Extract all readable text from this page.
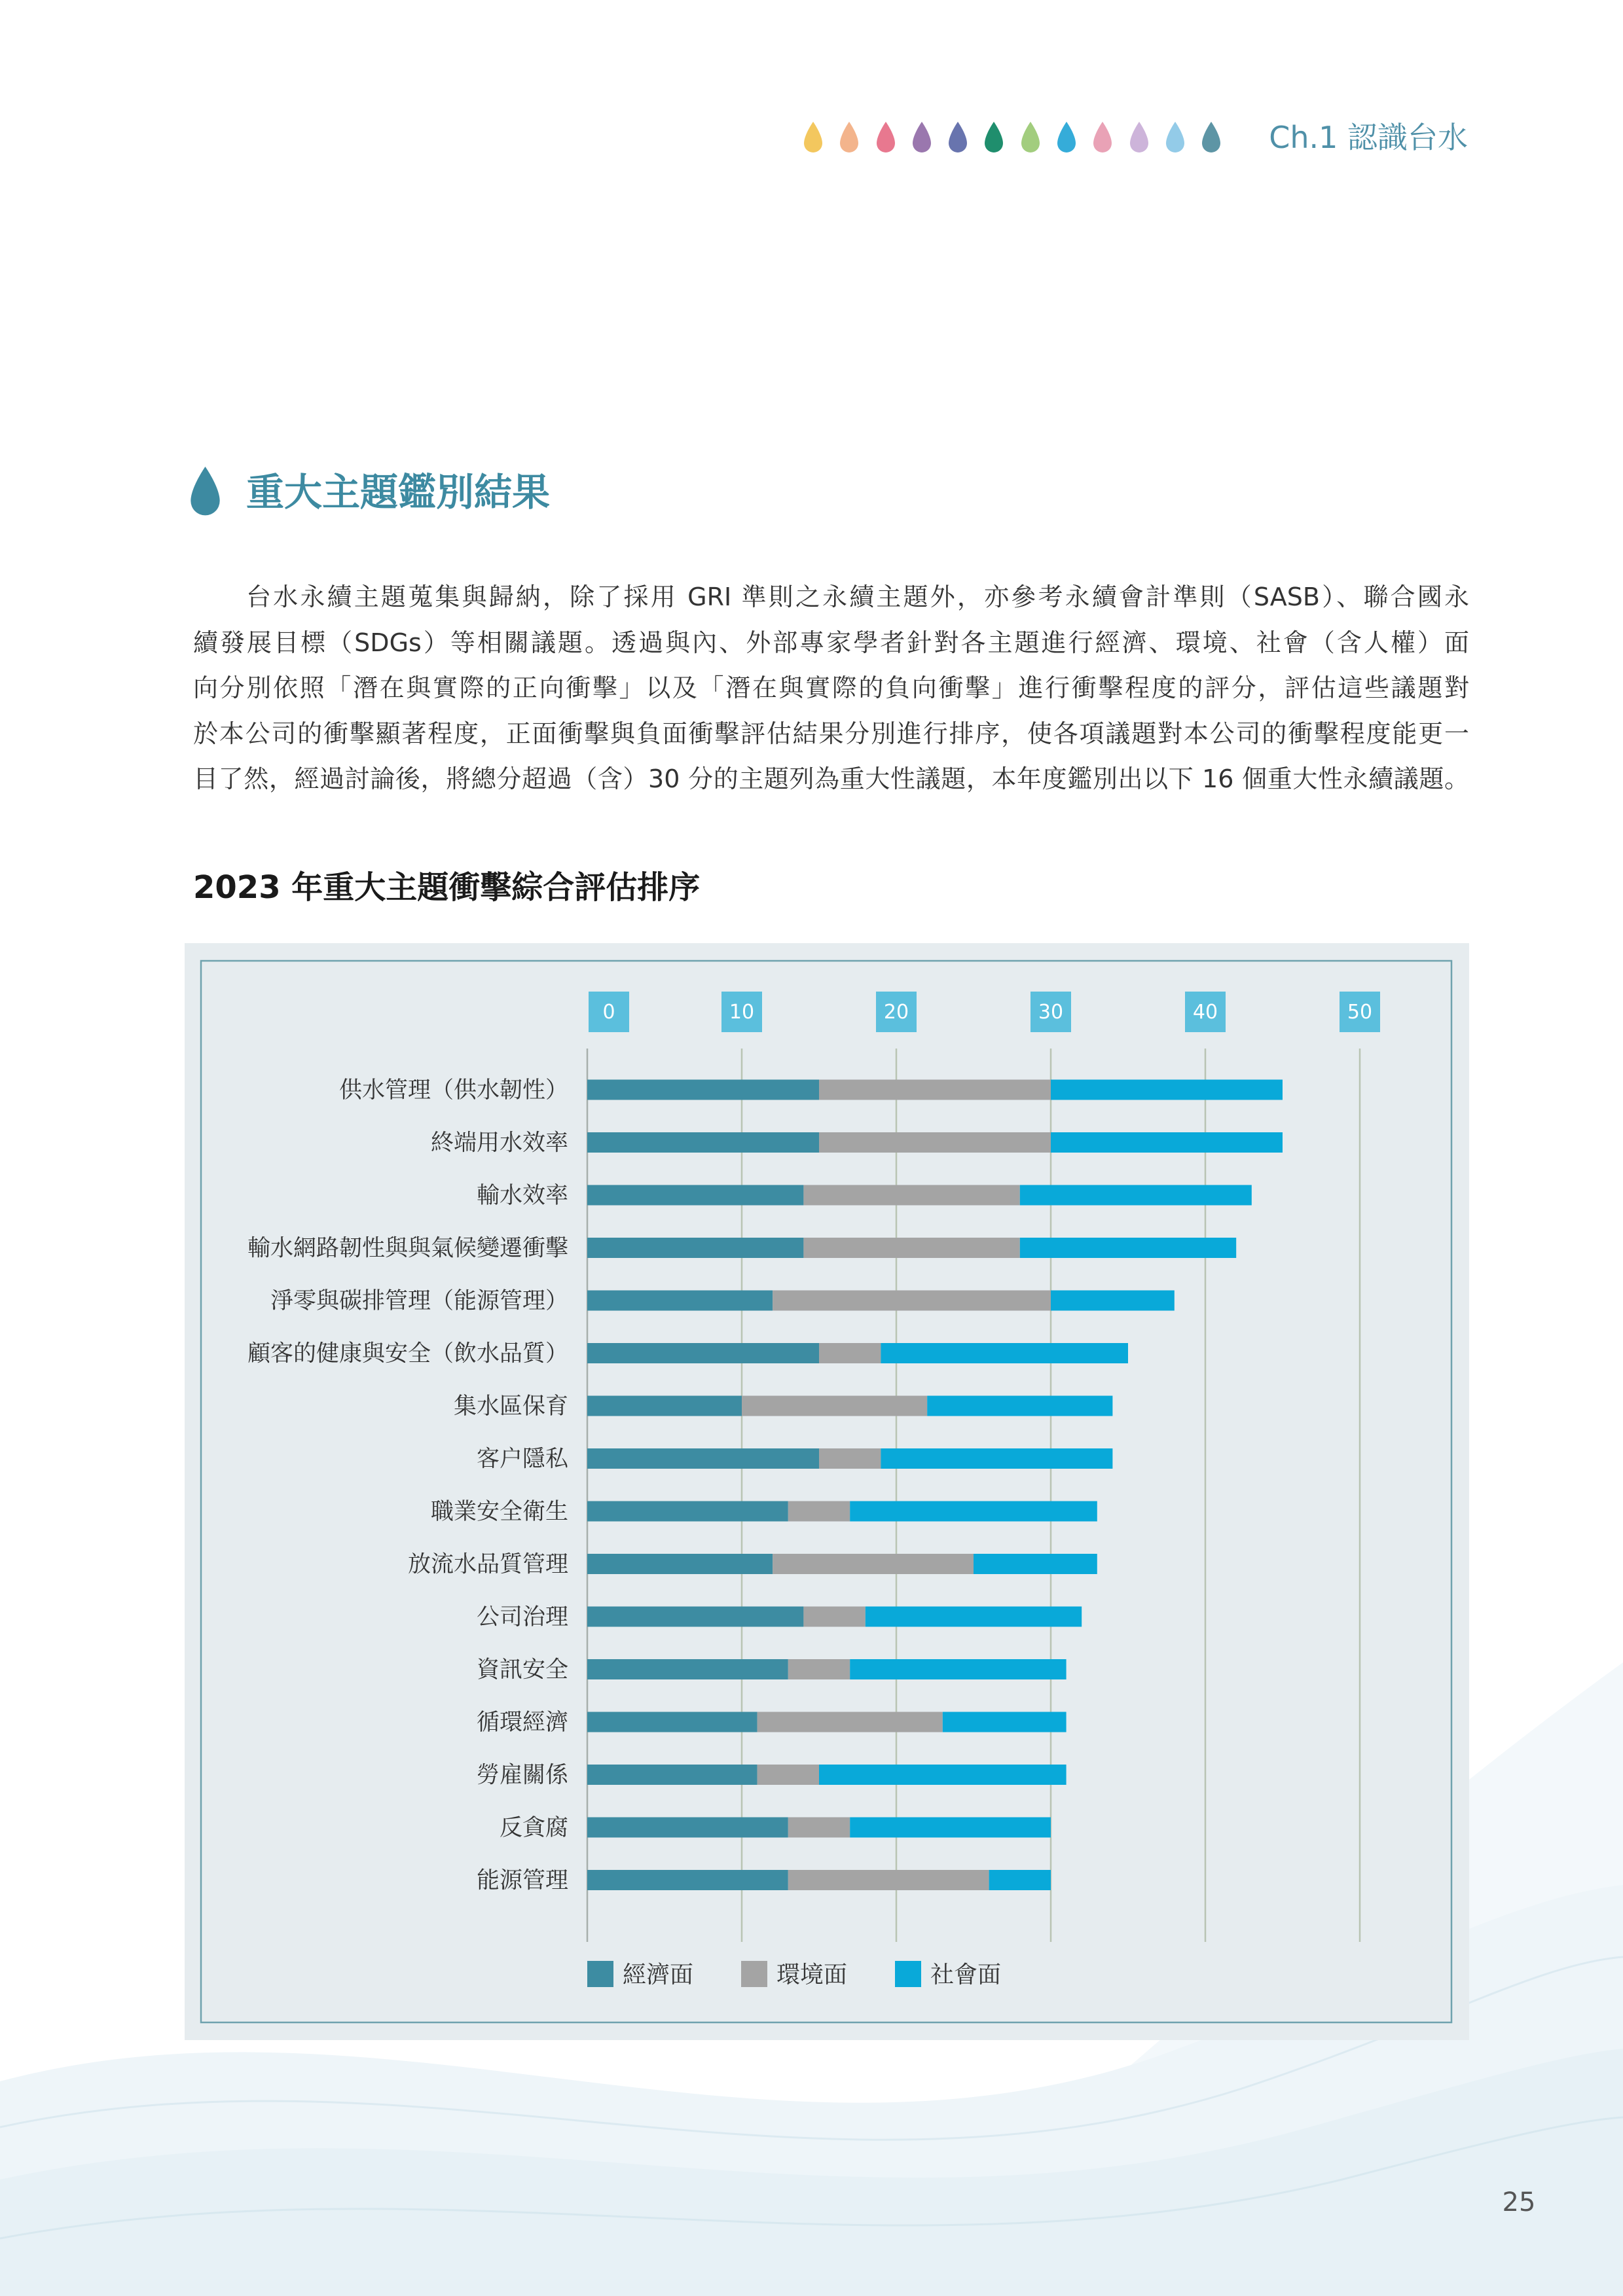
Ch.1 認識台水
重大主題鑑別結果
台水永續主題蒐集與歸納，除了採用 GRI 準則之永續主題外，亦參考永續會計準則（SASB）、聯合國永
續發展目標（SDGs）等相關議題。透過與內、外部專家學者針對各主題進行經濟、環境、社會（含人權）面
向分別依照「潛在與實際的正向衝擊」以及「潛在與實際的負向衝擊」進行衝擊程度的評分，評估這些議題對
於本公司的衝擊顯著程度，正面衝擊與負面衝擊評估結果分別進行排序，使各項議題對本公司的衝擊程度能更一
目了然，經過討論後，將總分超過（含）30 分的主題列為重大性議題，本年度鑑別出以下 16 個重大性永續議題。
2023 年重大主題衝擊綜合評估排序
0	10	20	30	40	50
供水管理（供水韌性）
終端用水效率
輸水效率
輸水網路韌性與與氣候變遷衝擊
淨零與碳排管理（能源管理）
顧客的健康與安全（飲水品質）
集水區保育
客户隱私
職業安全衛生
放流水品質管理
公司治理
資訊安全
循環經濟
勞雇關係
反貪腐
能源管理
經濟面	環境面	社會面
25
